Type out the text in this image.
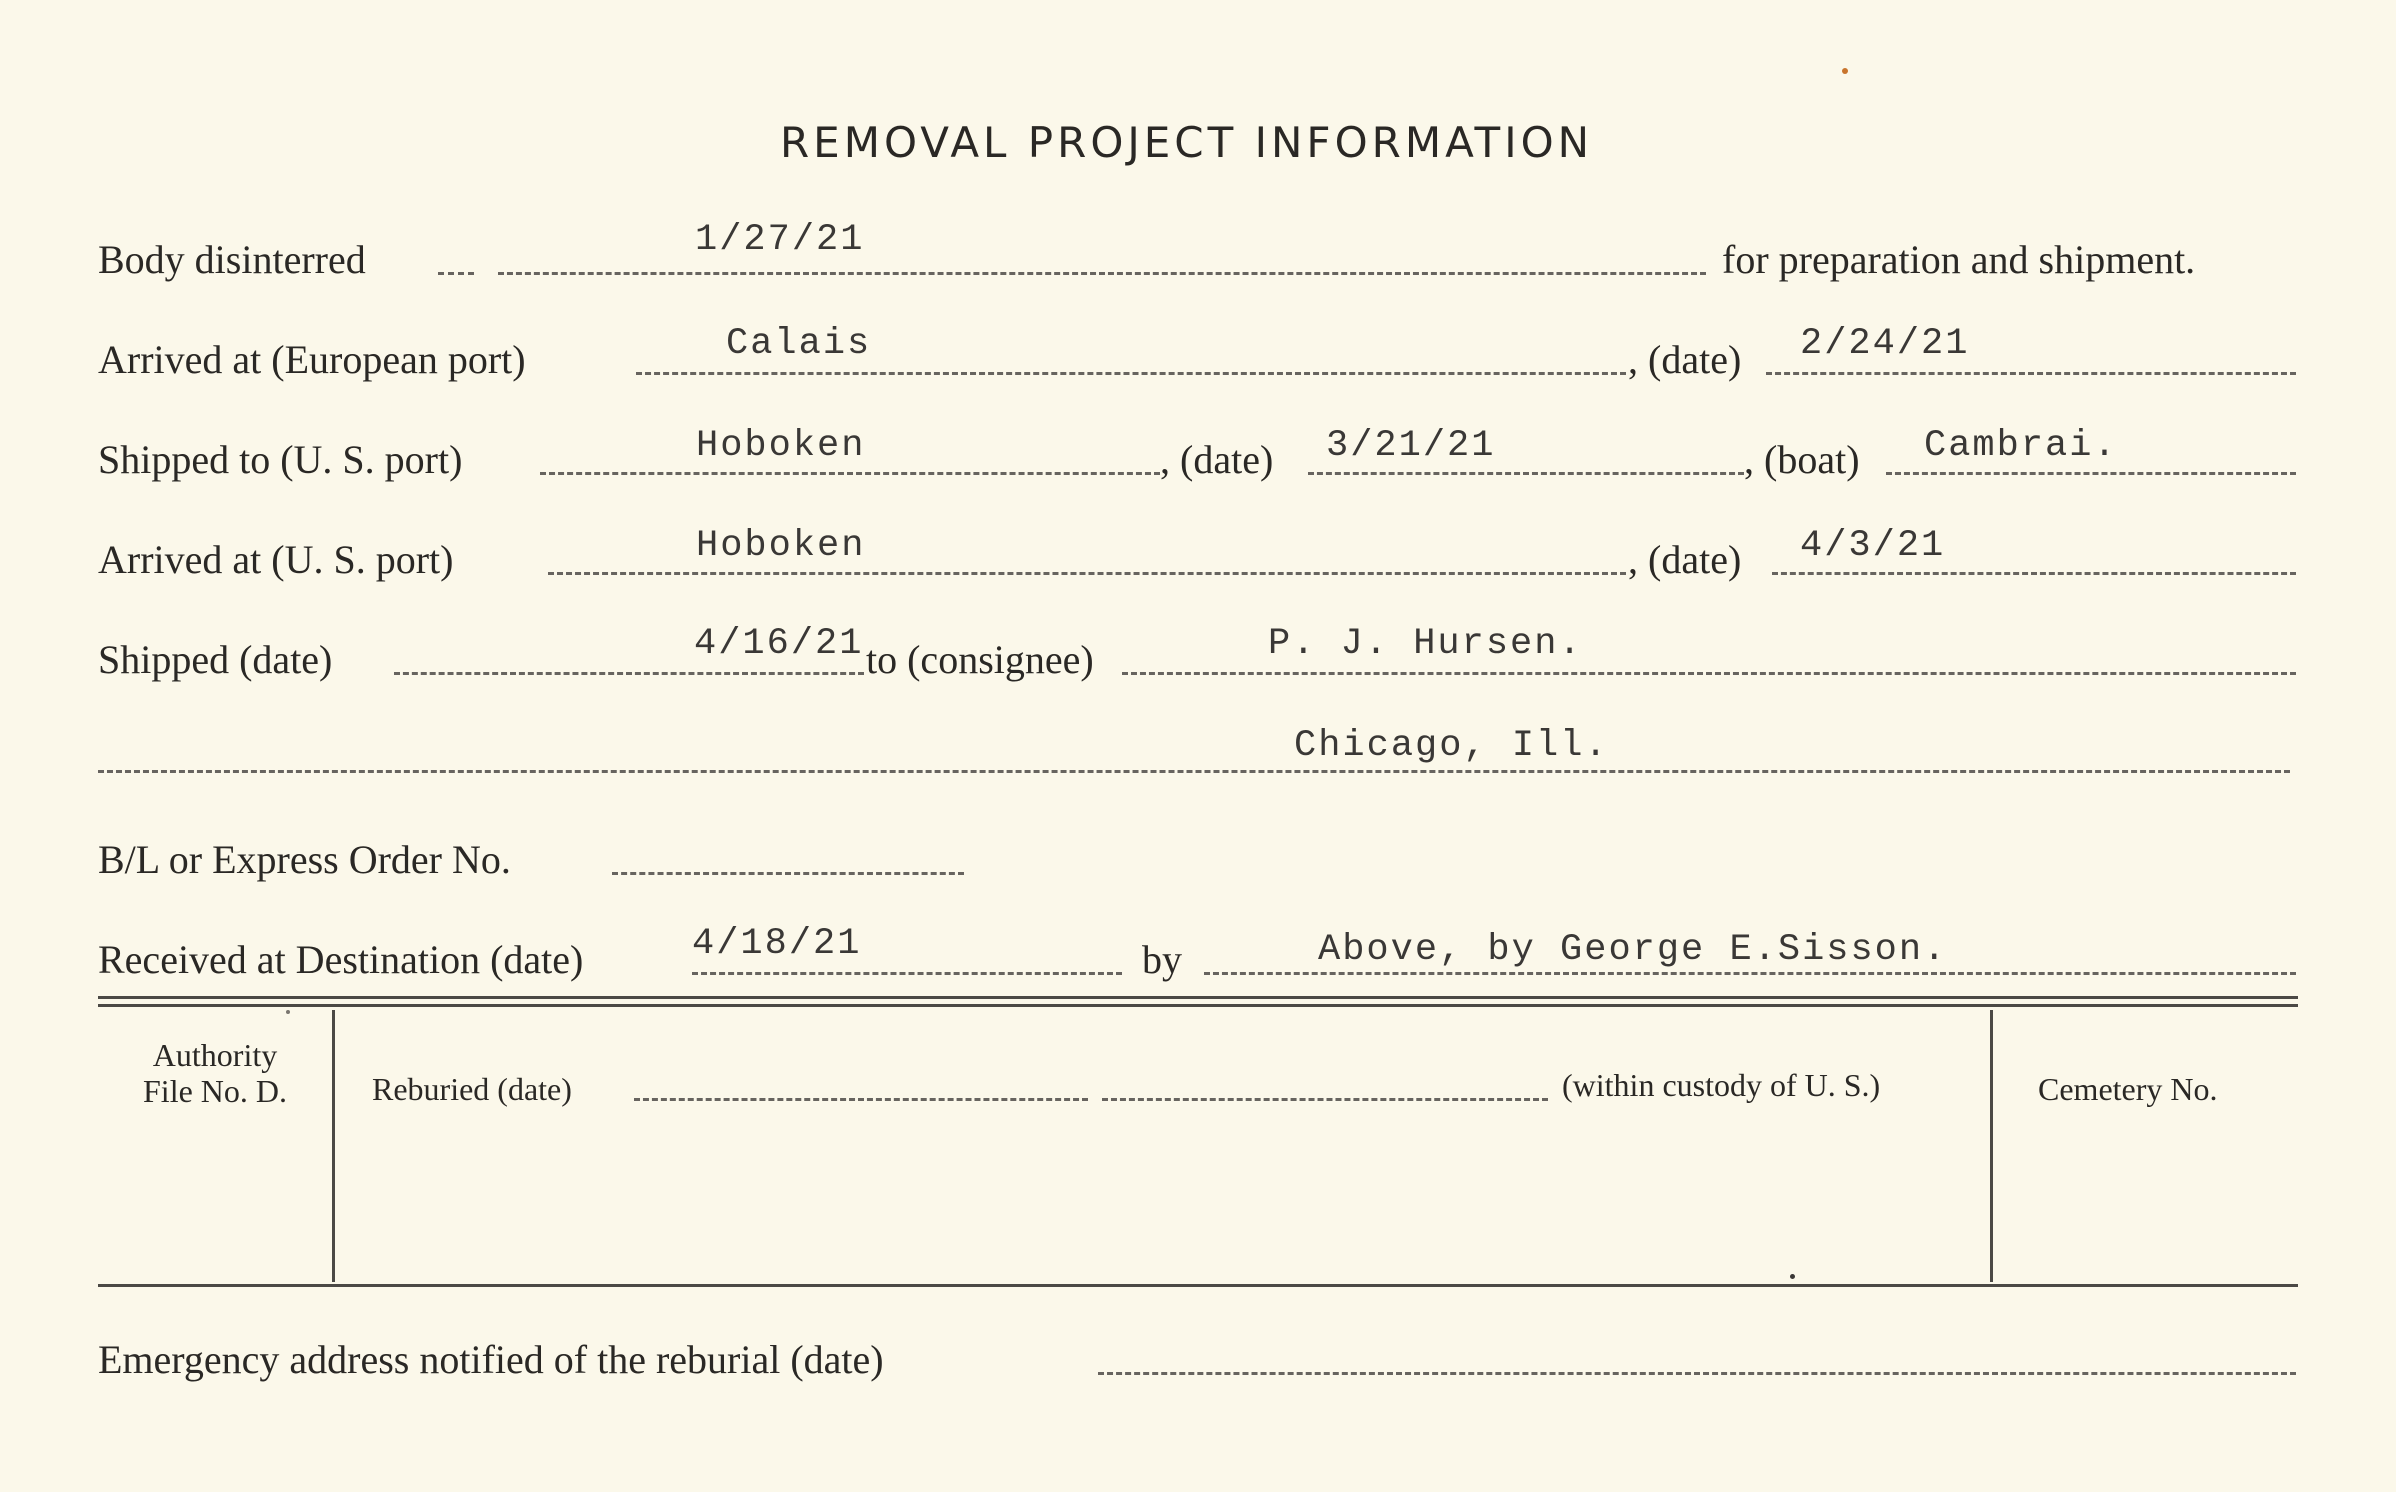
REMOVAL PROJECT INFORMATION
Body disinterred	1/27/21	for preparation and shipment.
Arrived at (European port)	Calais	, (date) 2/24/21
Shipped to (U. S. port)	Hoboken	, (date) 3/21/21	, (boat) Cambrai.
Arrived at (U. S. port)	Hoboken	, (date) 4/3/21
Shipped (date)	4/16/21 to (consignee)	P. J. Hursen.
Chicago, Ill.
B/L or Express Order No.
Received at Destination (date)	4/18/21	by	Above, by George E.Sisson.
Authority
File No. D.	Reburied (date)	(within custody of U. S.)	Cemetery No.
Emergency address notified of the reburial (date)
